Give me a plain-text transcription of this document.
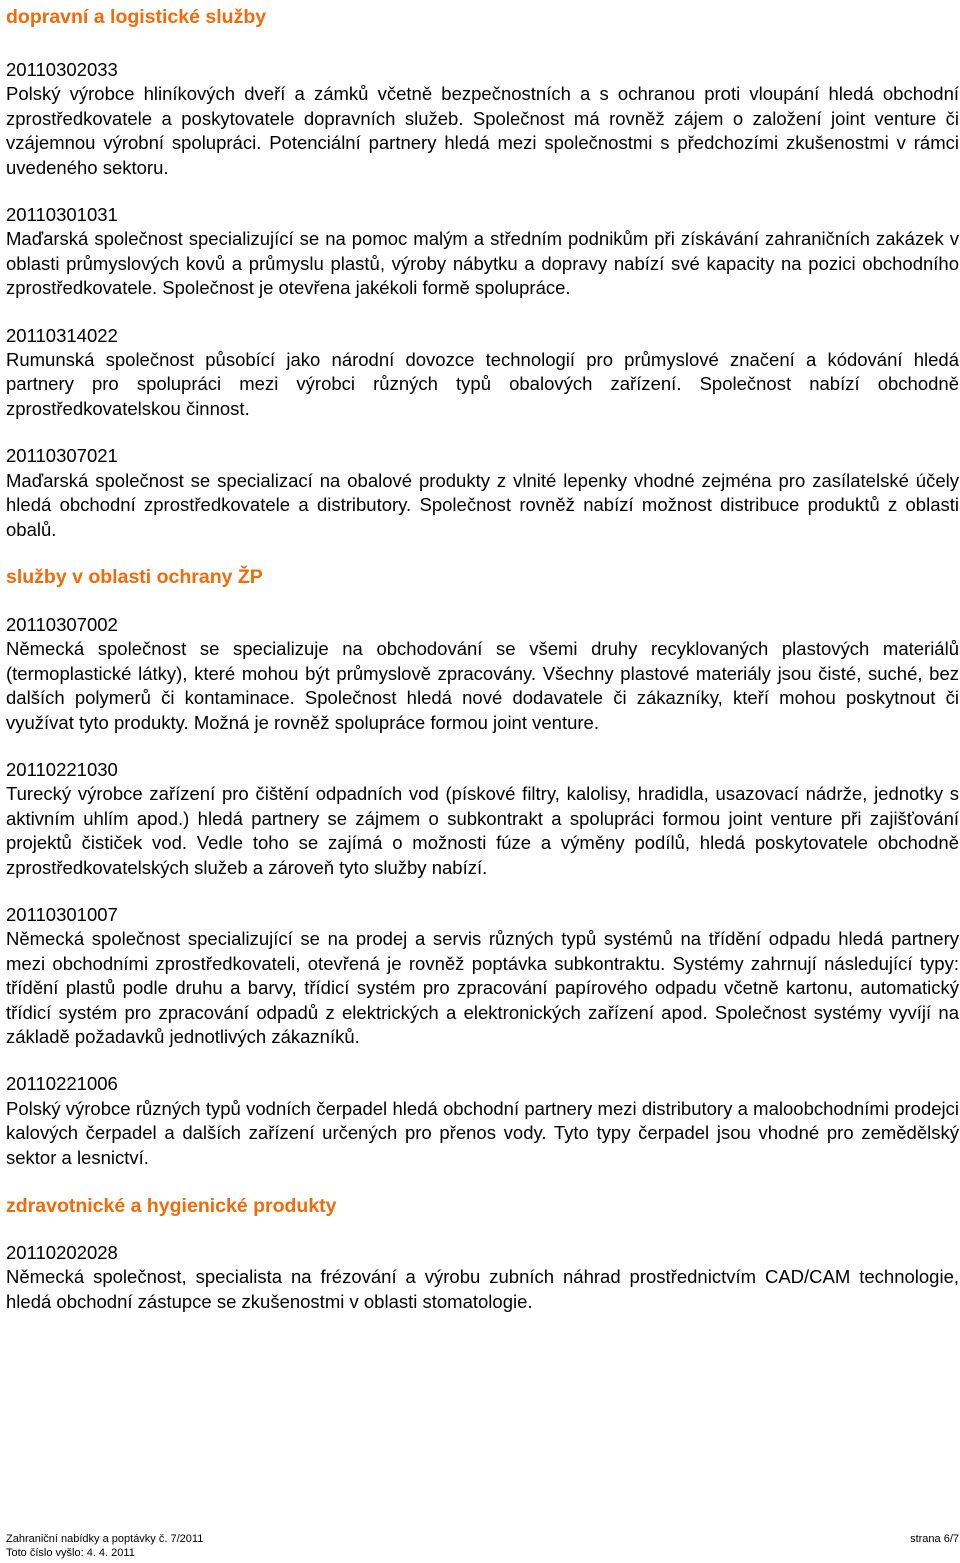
dopravní a logistické služby

20110302033

Polský výrobce hliníkových dveří a zámků včetně bezpečnostních a s ochranou proti vloupání hledá obchodní zprostředkovatele a poskytovatele dopravních služeb. Společnost má rovněž zájem o založení joint venture či vzájemnou výrobní spolupráci. Potenciální partnery hledá mezi společnostmi s předchozími zkušenostmi v rámci uvedeného sektoru.

20110301031

Maďarská společnost specializující se na pomoc malým a středním podnikům při získávání zahraničních zakázek v oblasti průmyslových kovů a průmyslu plastů, výroby nábytku a dopravy nabízí své kapacity na pozici obchodního zprostředkovatele. Společnost je otevřena jakékoli formě spolupráce.

20110314022

Rumunská společnost působící jako národní dovozce technologií pro průmyslové značení a kódování hledá partnery pro spolupráci mezi výrobci různých typů obalových zařízení. Společnost nabízí obchodně zprostředkovatelskou činnost.

20110307021

Maďarská společnost se specializací na obalové produkty z vlnité lepenky vhodné zejména pro zasílatelské účely hledá obchodní zprostředkovatele a distributory. Společnost rovněž nabízí možnost distribuce produktů z oblasti obalů.

služby v oblasti ochrany ŽP

20110307002

Německá společnost se specializuje na obchodování se všemi druhy recyklovaných plastových materiálů (termoplastické látky), které mohou být průmyslově zpracovány. Všechny plastové materiály jsou čisté, suché, bez dalších polymerů či kontaminace. Společnost hledá nové dodavatele či zákazníky, kteří mohou poskytnout či využívat tyto produkty. Možná je rovněž spolupráce formou joint venture.

20110221030

Turecký výrobce zařízení pro čištění odpadních vod (pískové filtry, kalolisy, hradidla, usazovací nádrže, jednotky s aktivním uhlím apod.) hledá partnery se zájmem o subkontrakt a spolupráci formou joint venture při zajišťování projektů čističek vod. Vedle toho se zajímá o možnosti fúze a výměny podílů, hledá poskytovatele obchodně zprostředkovatelských služeb a zároveň tyto služby nabízí.

20110301007

Německá společnost specializující se na prodej a servis různých typů systémů na třídění odpadu hledá partnery mezi obchodními zprostředkovateli, otevřená je rovněž poptávka subkontraktu. Systémy zahrnují následující typy: třídění plastů podle druhu a barvy, třídicí systém pro zpracování papírového odpadu včetně kartonu, automatický třídicí systém pro zpracování odpadů z elektrických a elektronických zařízení apod. Společnost systémy vyvíjí na základě požadavků jednotlivých zákazníků.

20110221006

Polský výrobce různých typů vodních čerpadel hledá obchodní partnery mezi distributory a maloobchodními prodejci kalových čerpadel a dalších zařízení určených pro přenos vody. Tyto typy čerpadel jsou vhodné pro zemědělský sektor a lesnictví.

zdravotnické a hygienické produkty

20110202028

Německá společnost, specialista na frézování a výrobu zubních náhrad prostřednictvím CAD/CAM technologie, hledá obchodní zástupce se zkušenostmi v oblasti stomatologie.

Zahraniční nabídky a poptávky č. 7/2011
Toto číslo vyšlo: 4. 4. 2011
strana 6/7
